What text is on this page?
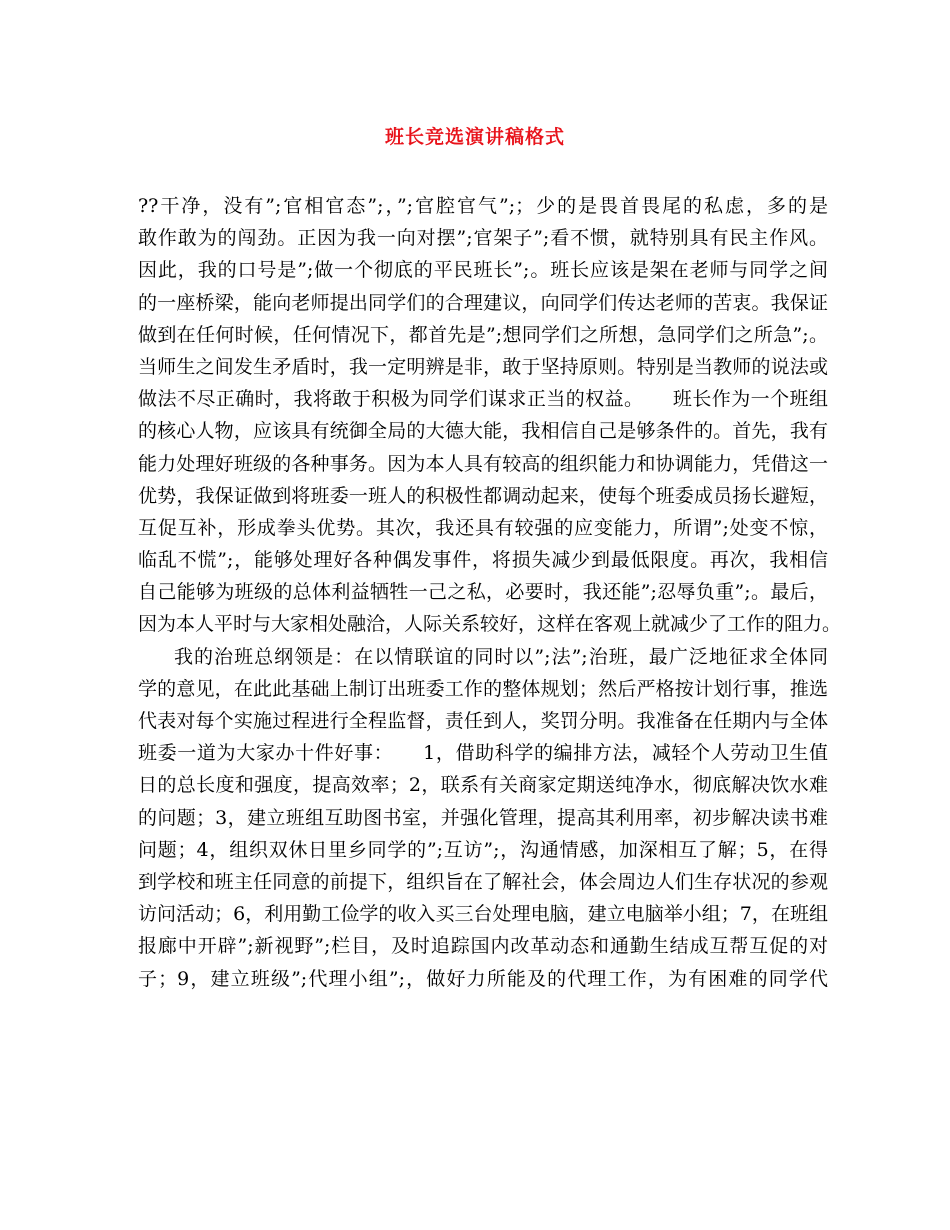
班长竞选演讲稿格式
??干净，没有”;官相官态”;，”;官腔官气”;；少的是畏首畏尾的私虑，多的是
敢作敢为的闯劲。正因为我一向对摆”;官架子”;看不惯，就特别具有民主作风。
因此，我的口号是”;做一个彻底的平民班长”;。班长应该是架在老师与同学之间
的一座桥梁，能向老师提出同学们的合理建议，向同学们传达老师的苦衷。我保证
做到在任何时候，任何情况下，都首先是”;想同学们之所想，急同学们之所急”;。
当师生之间发生矛盾时，我一定明辨是非，敢于坚持原则。特别是当教师的说法或
做法不尽正确时，我将敢于积极为同学们谋求正当的权益。　　班长作为一个班组
的核心人物，应该具有统御全局的大德大能，我相信自己是够条件的。首先，我有
能力处理好班级的各种事务。因为本人具有较高的组织能力和协调能力，凭借这一
优势，我保证做到将班委一班人的积极性都调动起来，使每个班委成员扬长避短，
互促互补，形成拳头优势。其次，我还具有较强的应变能力，所谓”;处变不惊，
临乱不慌”;，能够处理好各种偶发事件，将损失减少到最低限度。再次，我相信
自己能够为班级的总体利益牺牲一己之私，必要时，我还能”;忍辱负重”;。最后，
因为本人平时与大家相处融洽，人际关系较好，这样在客观上就减少了工作的阻力。
我的治班总纲领是：在以情联谊的同时以”;法”;治班，最广泛地征求全体同
学的意见，在此此基础上制订出班委工作的整体规划；然后严格按计划行事，推选
代表对每个实施过程进行全程监督，责任到人，奖罚分明。我准备在任期内与全体
班委一道为大家办十件好事：　　1，借助科学的编排方法，减轻个人劳动卫生值
日的总长度和强度，提高效率；2，联系有关商家定期送纯净水，彻底解决饮水难
的问题；3，建立班组互助图书室，并强化管理，提高其利用率，初步解决读书难
问题；4，组织双休日里乡同学的”;互访”;，沟通情感，加深相互了解；5，在得
到学校和班主任同意的前提下，组织旨在了解社会，体会周边人们生存状况的参观
访问活动；6，利用勤工俭学的收入买三台处理电脑，建立电脑举小组；7，在班组
报廊中开辟”;新视野”;栏目，及时追踪国内改革动态和通勤生结成互帮互促的对
子；9，建立班级”;代理小组”;，做好力所能及的代理工作，为有困难的同学代
